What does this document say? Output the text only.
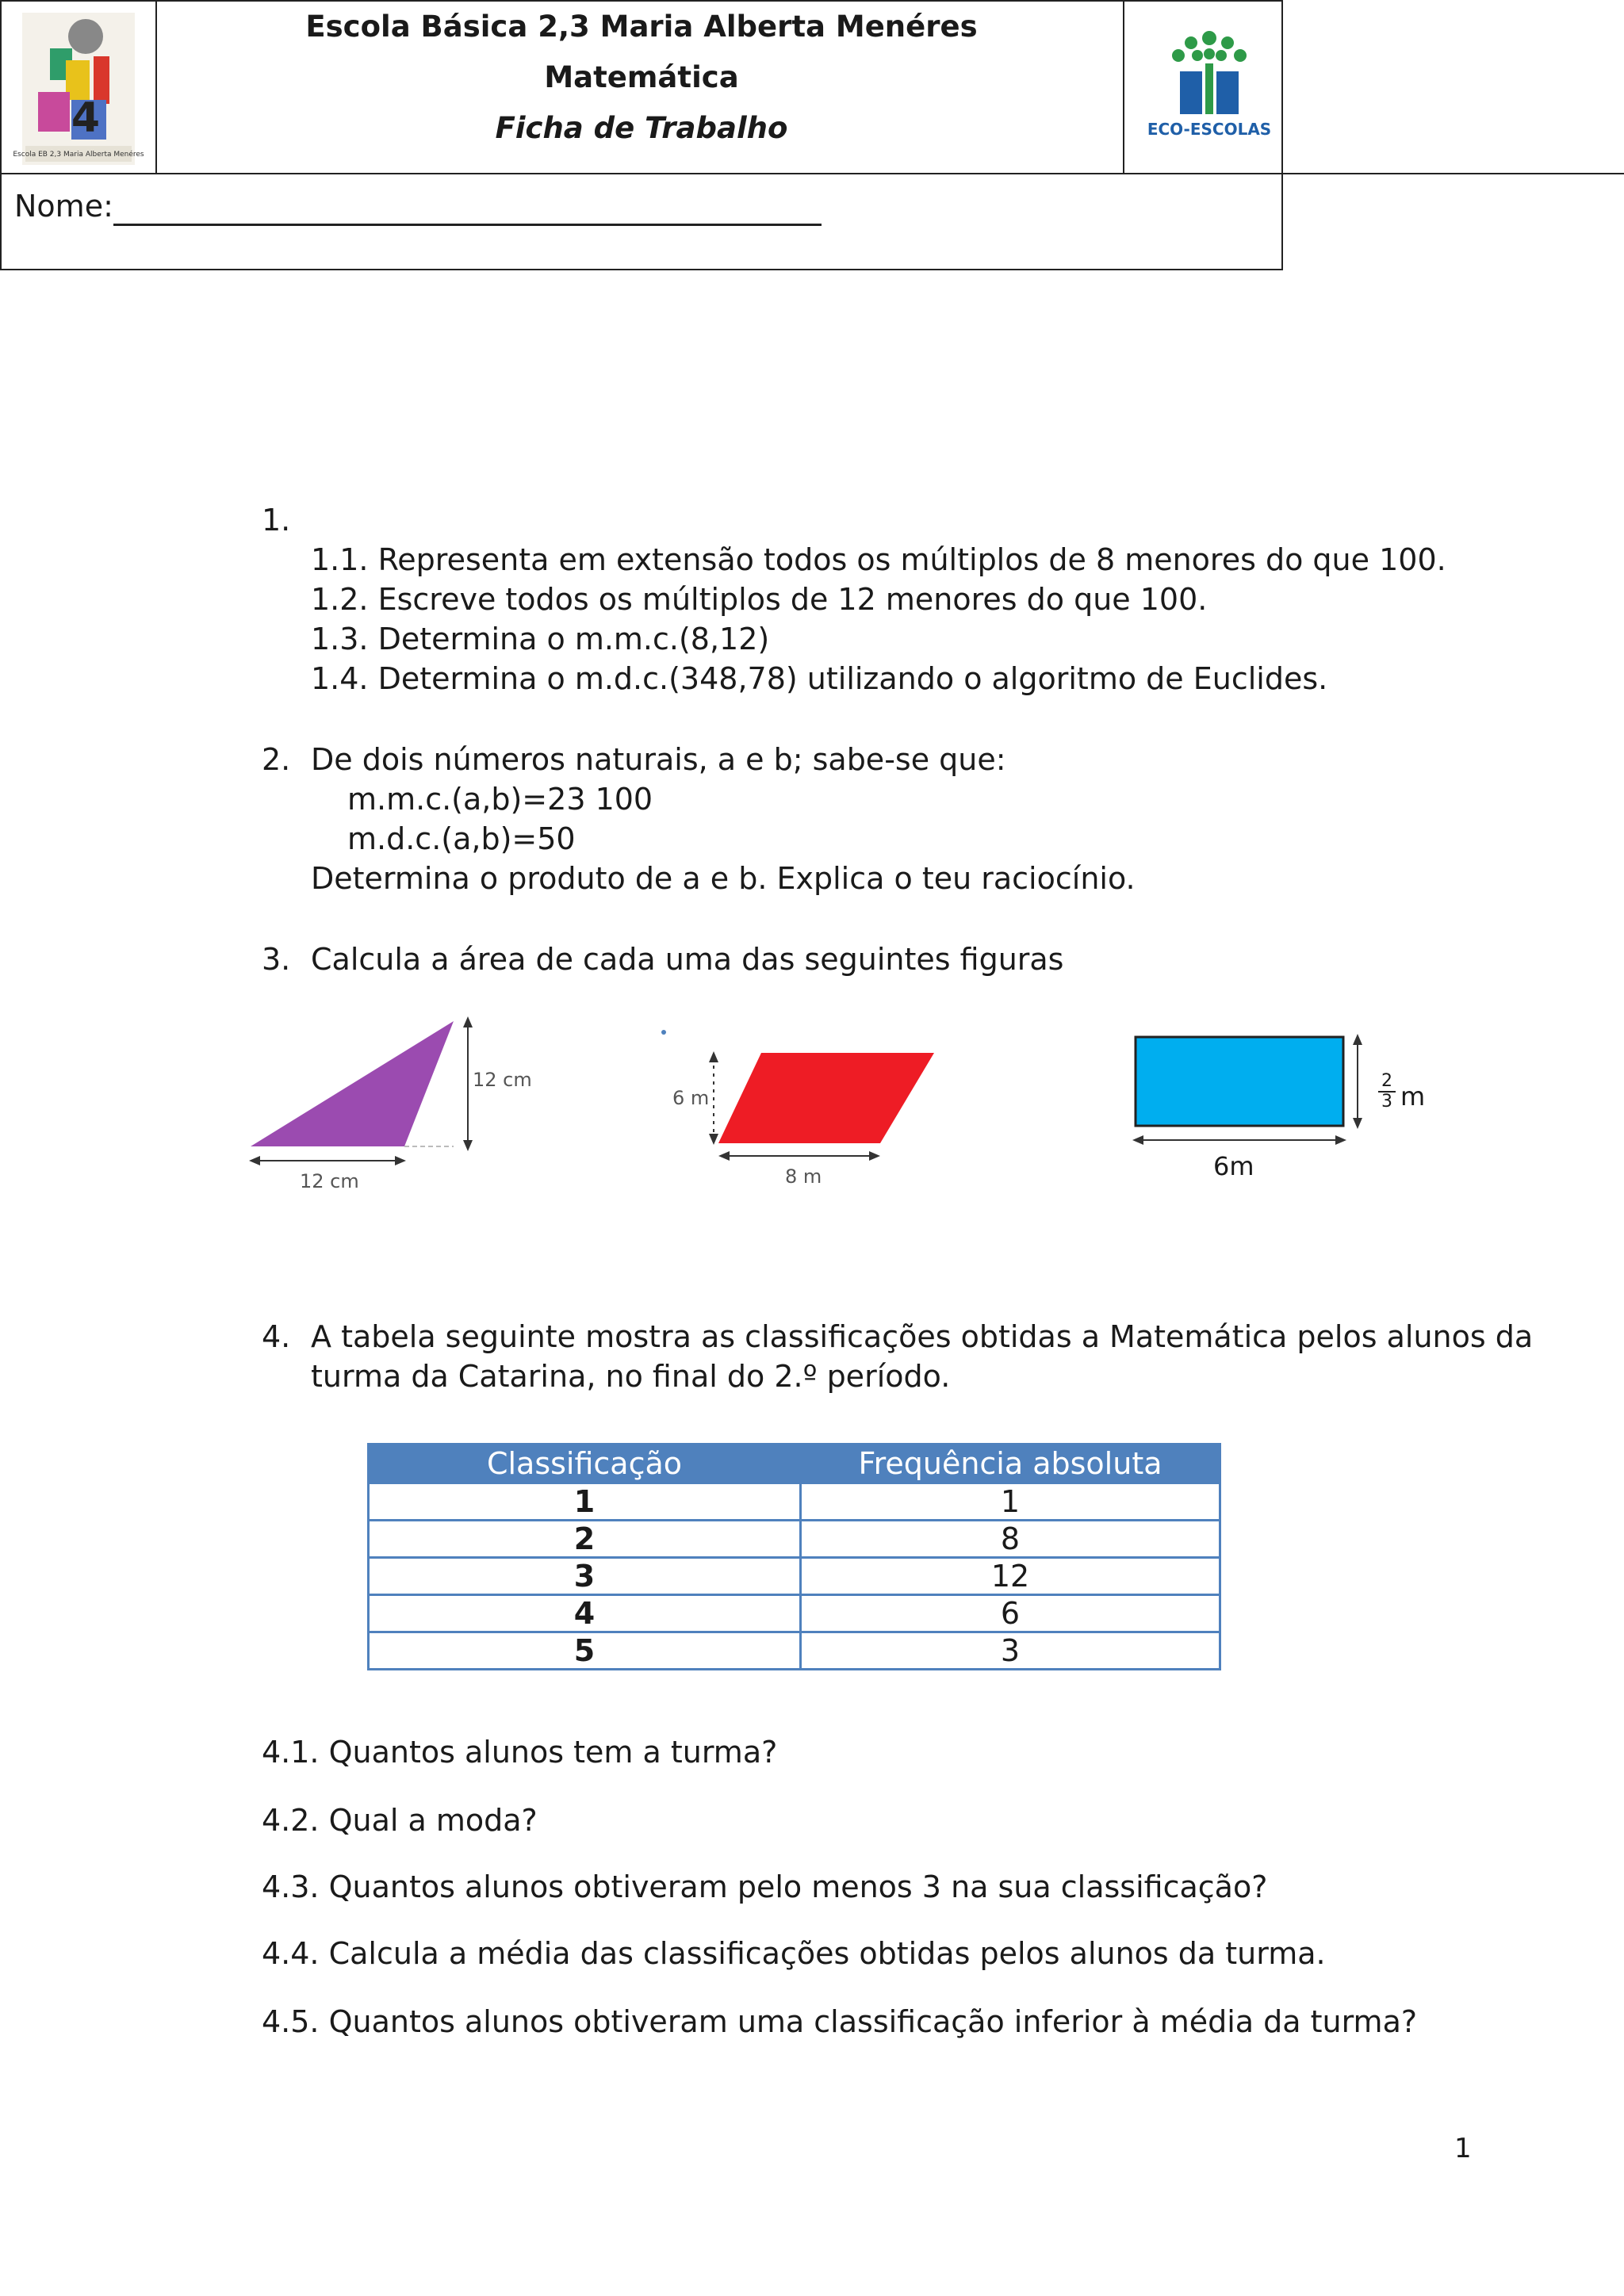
4
Escola EB 2,3 Maria Alberta Menéres
Escola Básica 2,3 Maria Alberta Menéres
Matemática
Ficha de Trabalho	ECO-ESCOLAS
Nome:
1.
1.1. Representa em extensão todos os múltiplos de 8 menores do que 100.
1.2. Escreve todos os múltiplos de 12 menores do que 100.
1.3. Determina o m.m.c.(8,12)
1.4. Determina o m.d.c.(348,78) utilizando o algoritmo de Euclides.
2. De dois números naturais, a e b; sabe-se que:
m.m.c.(a,b)=23 100
m.d.c.(a,b)=50
Determina o produto de a e b. Explica o teu raciocínio.
3. Calcula a área de cada uma das seguintes figuras
12 cm
12 cm
6 m
8 m
$\frac{2}{3}$ m
6m
4. A tabela seguinte mostra as classificações obtidas a Matemática pelos alunos da
turma da Catarina, no final do 2.º período.
Classificação	Frequência absoluta
1	1
2	8
3	12
4	6
5	3
4.1. Quantos alunos tem a turma?
4.2. Qual a moda?
4.3. Quantos alunos obtiveram pelo menos 3 na sua classificação?
4.4. Calcula a média das classificações obtidas pelos alunos da turma.
4.5. Quantos alunos obtiveram uma classificação inferior à média da turma?
1
